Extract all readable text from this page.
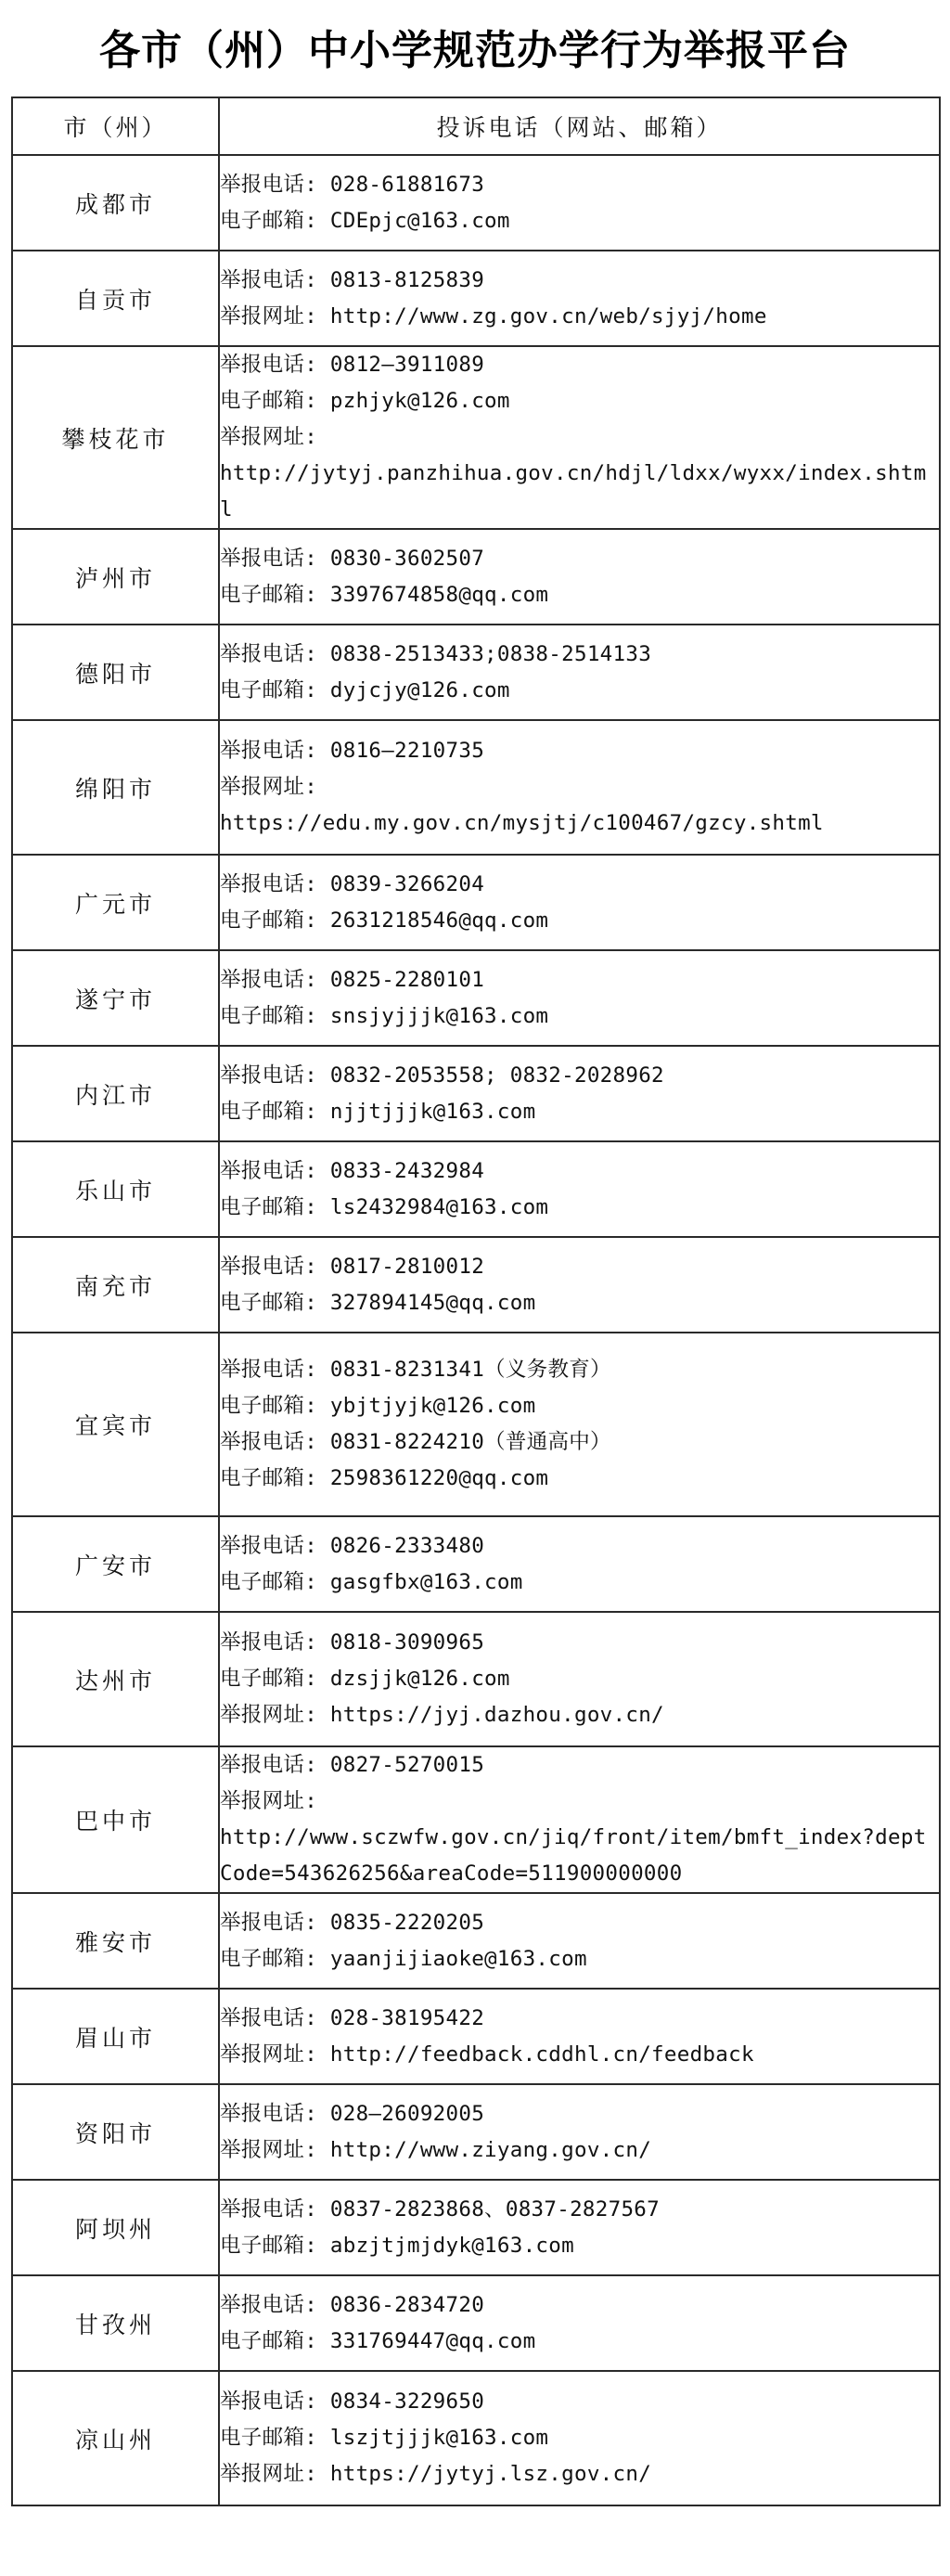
各市（州）中小学规范办学行为举报平台
市（州）	投诉电话（网站、邮箱）
成都市	举报电话: 028-61881673
电子邮箱: CDEpjc@163.com

自贡市	举报电话: 0813-8125839
举报网址: http://www.zg.gov.cn/web/sjyj/home

攀枝花市	举报电话: 0812—3911089
电子邮箱: pzhjyk@126.com
举报网址:
http://jytyj.panzhihua.gov.cn/hdjl/ldxx/wyxx/index.shtml

泸州市	举报电话: 0830-3602507
电子邮箱: 3397674858@qq.com

德阳市	举报电话: 0838-2513433;0838-2514133
电子邮箱: dyjcjy@126.com

绵阳市	举报电话: 0816—2210735
举报网址:
https://edu.my.gov.cn/mysjtj/c100467/gzcy.shtml

广元市	举报电话: 0839-3266204
电子邮箱: 2631218546@qq.com

遂宁市	举报电话: 0825-2280101
电子邮箱: snsjyjjjk@163.com

内江市	举报电话: 0832-2053558; 0832-2028962
电子邮箱: njjtjjjk@163.com

乐山市	举报电话: 0833-2432984
电子邮箱: ls2432984@163.com

南充市	举报电话: 0817-2810012
电子邮箱: 327894145@qq.com

宜宾市	举报电话: 0831-8231341（义务教育）
电子邮箱: ybjtjyjk@126.com
举报电话: 0831-8224210（普通高中）
电子邮箱: 2598361220@qq.com

广安市	举报电话: 0826-2333480
电子邮箱: gasgfbx@163.com

达州市	举报电话: 0818-3090965
电子邮箱: dzsjjk@126.com
举报网址: https://jyj.dazhou.gov.cn/

巴中市	举报电话: 0827-5270015
举报网址:
http://www.sczwfw.gov.cn/jiq/front/item/bmft_index?deptCode=543626256&areaCode=511900000000

雅安市	举报电话: 0835-2220205
电子邮箱: yaanjijiaoke@163.com

眉山市	举报电话: 028-38195422
举报网址: http://feedback.cddhl.cn/feedback

资阳市	举报电话: 028—26092005
举报网址: http://www.ziyang.gov.cn/

阿坝州	举报电话: 0837-2823868、0837-2827567
电子邮箱: abzjtjmjdyk@163.com

甘孜州	举报电话: 0836-2834720
电子邮箱: 331769447@qq.com

凉山州	举报电话: 0834-3229650
电子邮箱: lszjtjjjk@163.com
举报网址: https://jytyj.lsz.gov.cn/
